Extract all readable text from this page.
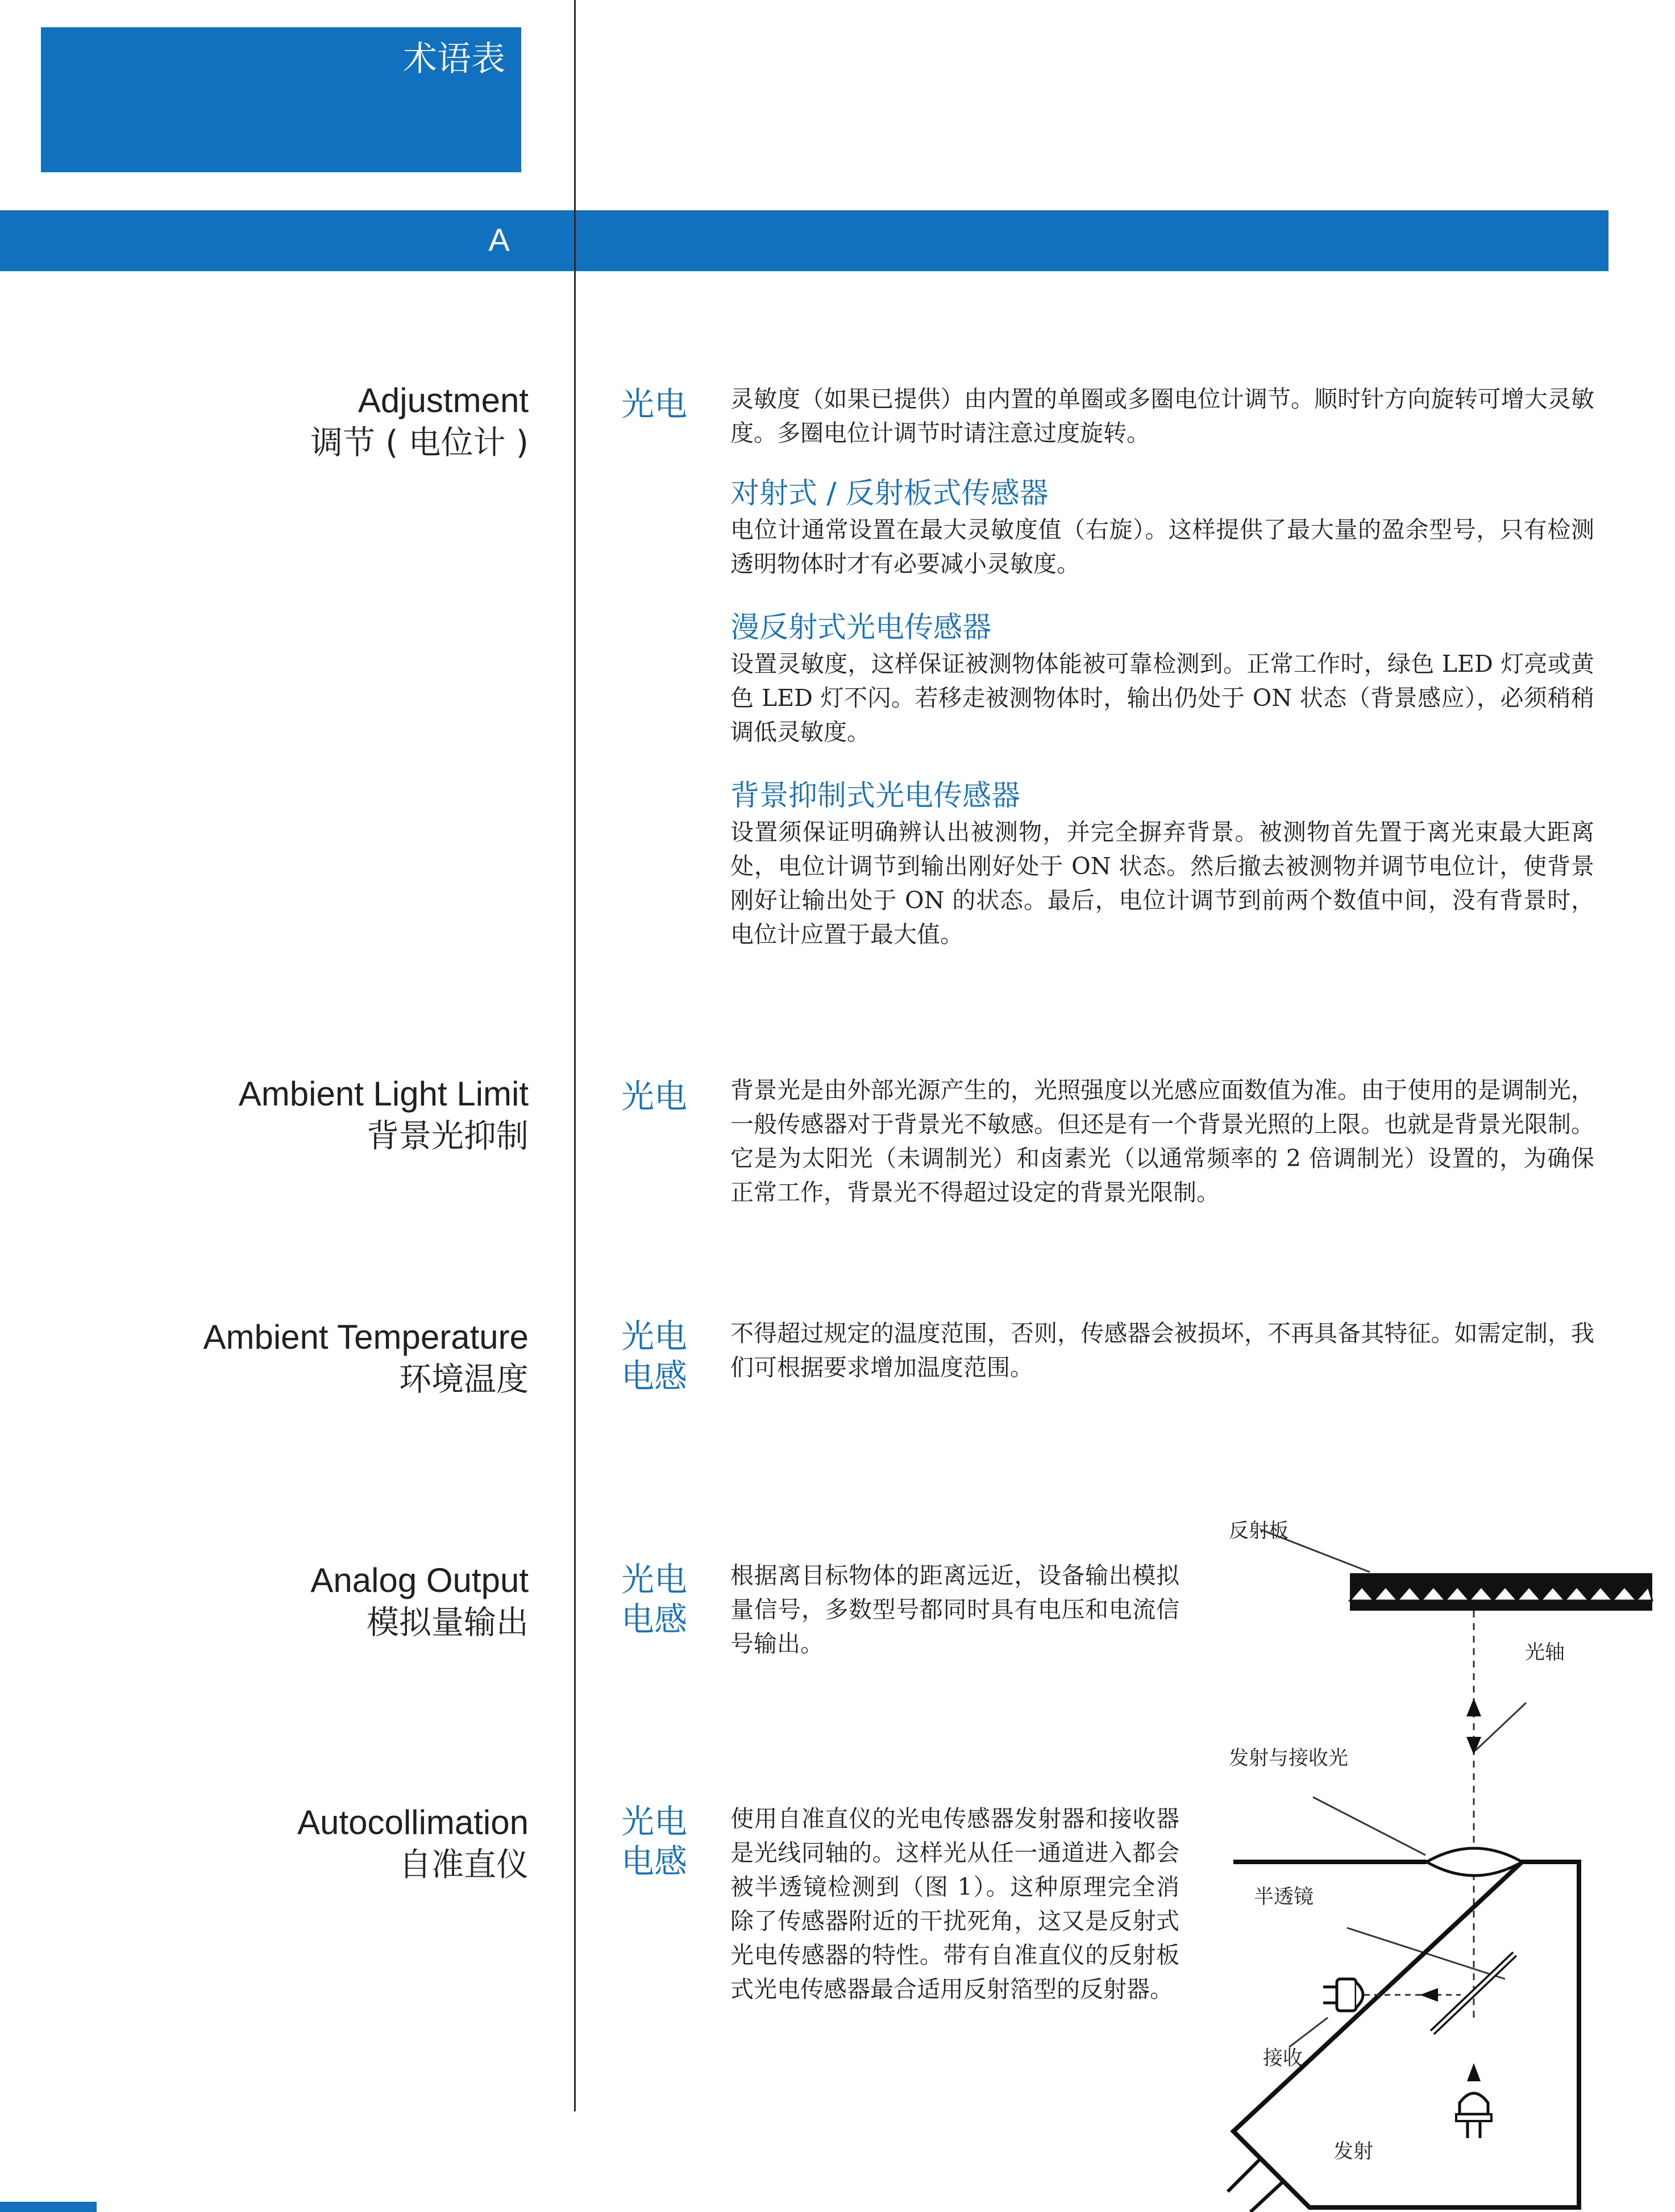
术语表
A
Adjustment
调节 ( 电位计 )
光电	灵敏度（如果已提供）由内置的单圈或多圈电位计调节。顺时针方向旋转可增大灵敏度。多圈电位计调节时请注意过度旋转。

对射式 / 反射板式传感器

电位计通常设置在最大灵敏度值（右旋）。这样提供了最大量的盈余型号，只有检测透明物体时才有必要减小灵敏度。

漫反射式光电传感器

设置灵敏度，这样保证被测物体能被可靠检测到。正常工作时，绿色 LED 灯亮或黄色 LED 灯不闪。若移走被测物体时，输出仍处于 ON 状态（背景感应），必须稍稍调低灵敏度。

背景抑制式光电传感器

设置须保证明确辨认出被测物，并完全摒弃背景。被测物首先置于离光束最大距离处，电位计调节到输出刚好处于 ON 状态。然后撤去被测物并调节电位计，使背景刚好让输出处于 ON 的状态。最后，电位计调节到前两个数值中间，没有背景时，电位计应置于最大值。

Ambient Light Limit
背景光抑制
光电	背景光是由外部光源产生的，光照强度以光感应面数值为准。由于使用的是调制光，一般传感器对于背景光不敏感。但还是有一个背景光照的上限。也就是背景光限制。它是为太阳光（未调制光）和卤素光（以通常频率的 2 倍调制光）设置的，为确保正常工作，背景光不得超过设定的背景光限制。

Ambient Temperature
环境温度
光电
电感

不得超过规定的温度范围，否则，传感器会被损坏，不再具备其特征。如需定制，我们可根据要求增加温度范围。

Analog Output
模拟量输出
光电
电感

根据离目标物体的距离远近，设备输出模拟量信号，多数型号都同时具有电压和电流信号输出。

Autocollimation
自准直仪
光电
电感

使用自准直仪的光电传感器发射器和接收器是光线同轴的。这样光从任一通道进入都会被半透镜检测到（图 1）。这种原理完全消除了传感器附近的干扰死角，这又是反射式光电传感器的特性。带有自准直仪的反射板式光电传感器最合适用反射箔型的反射器。

反射板
光轴
发射与接收光
半透镜
接收
发射
